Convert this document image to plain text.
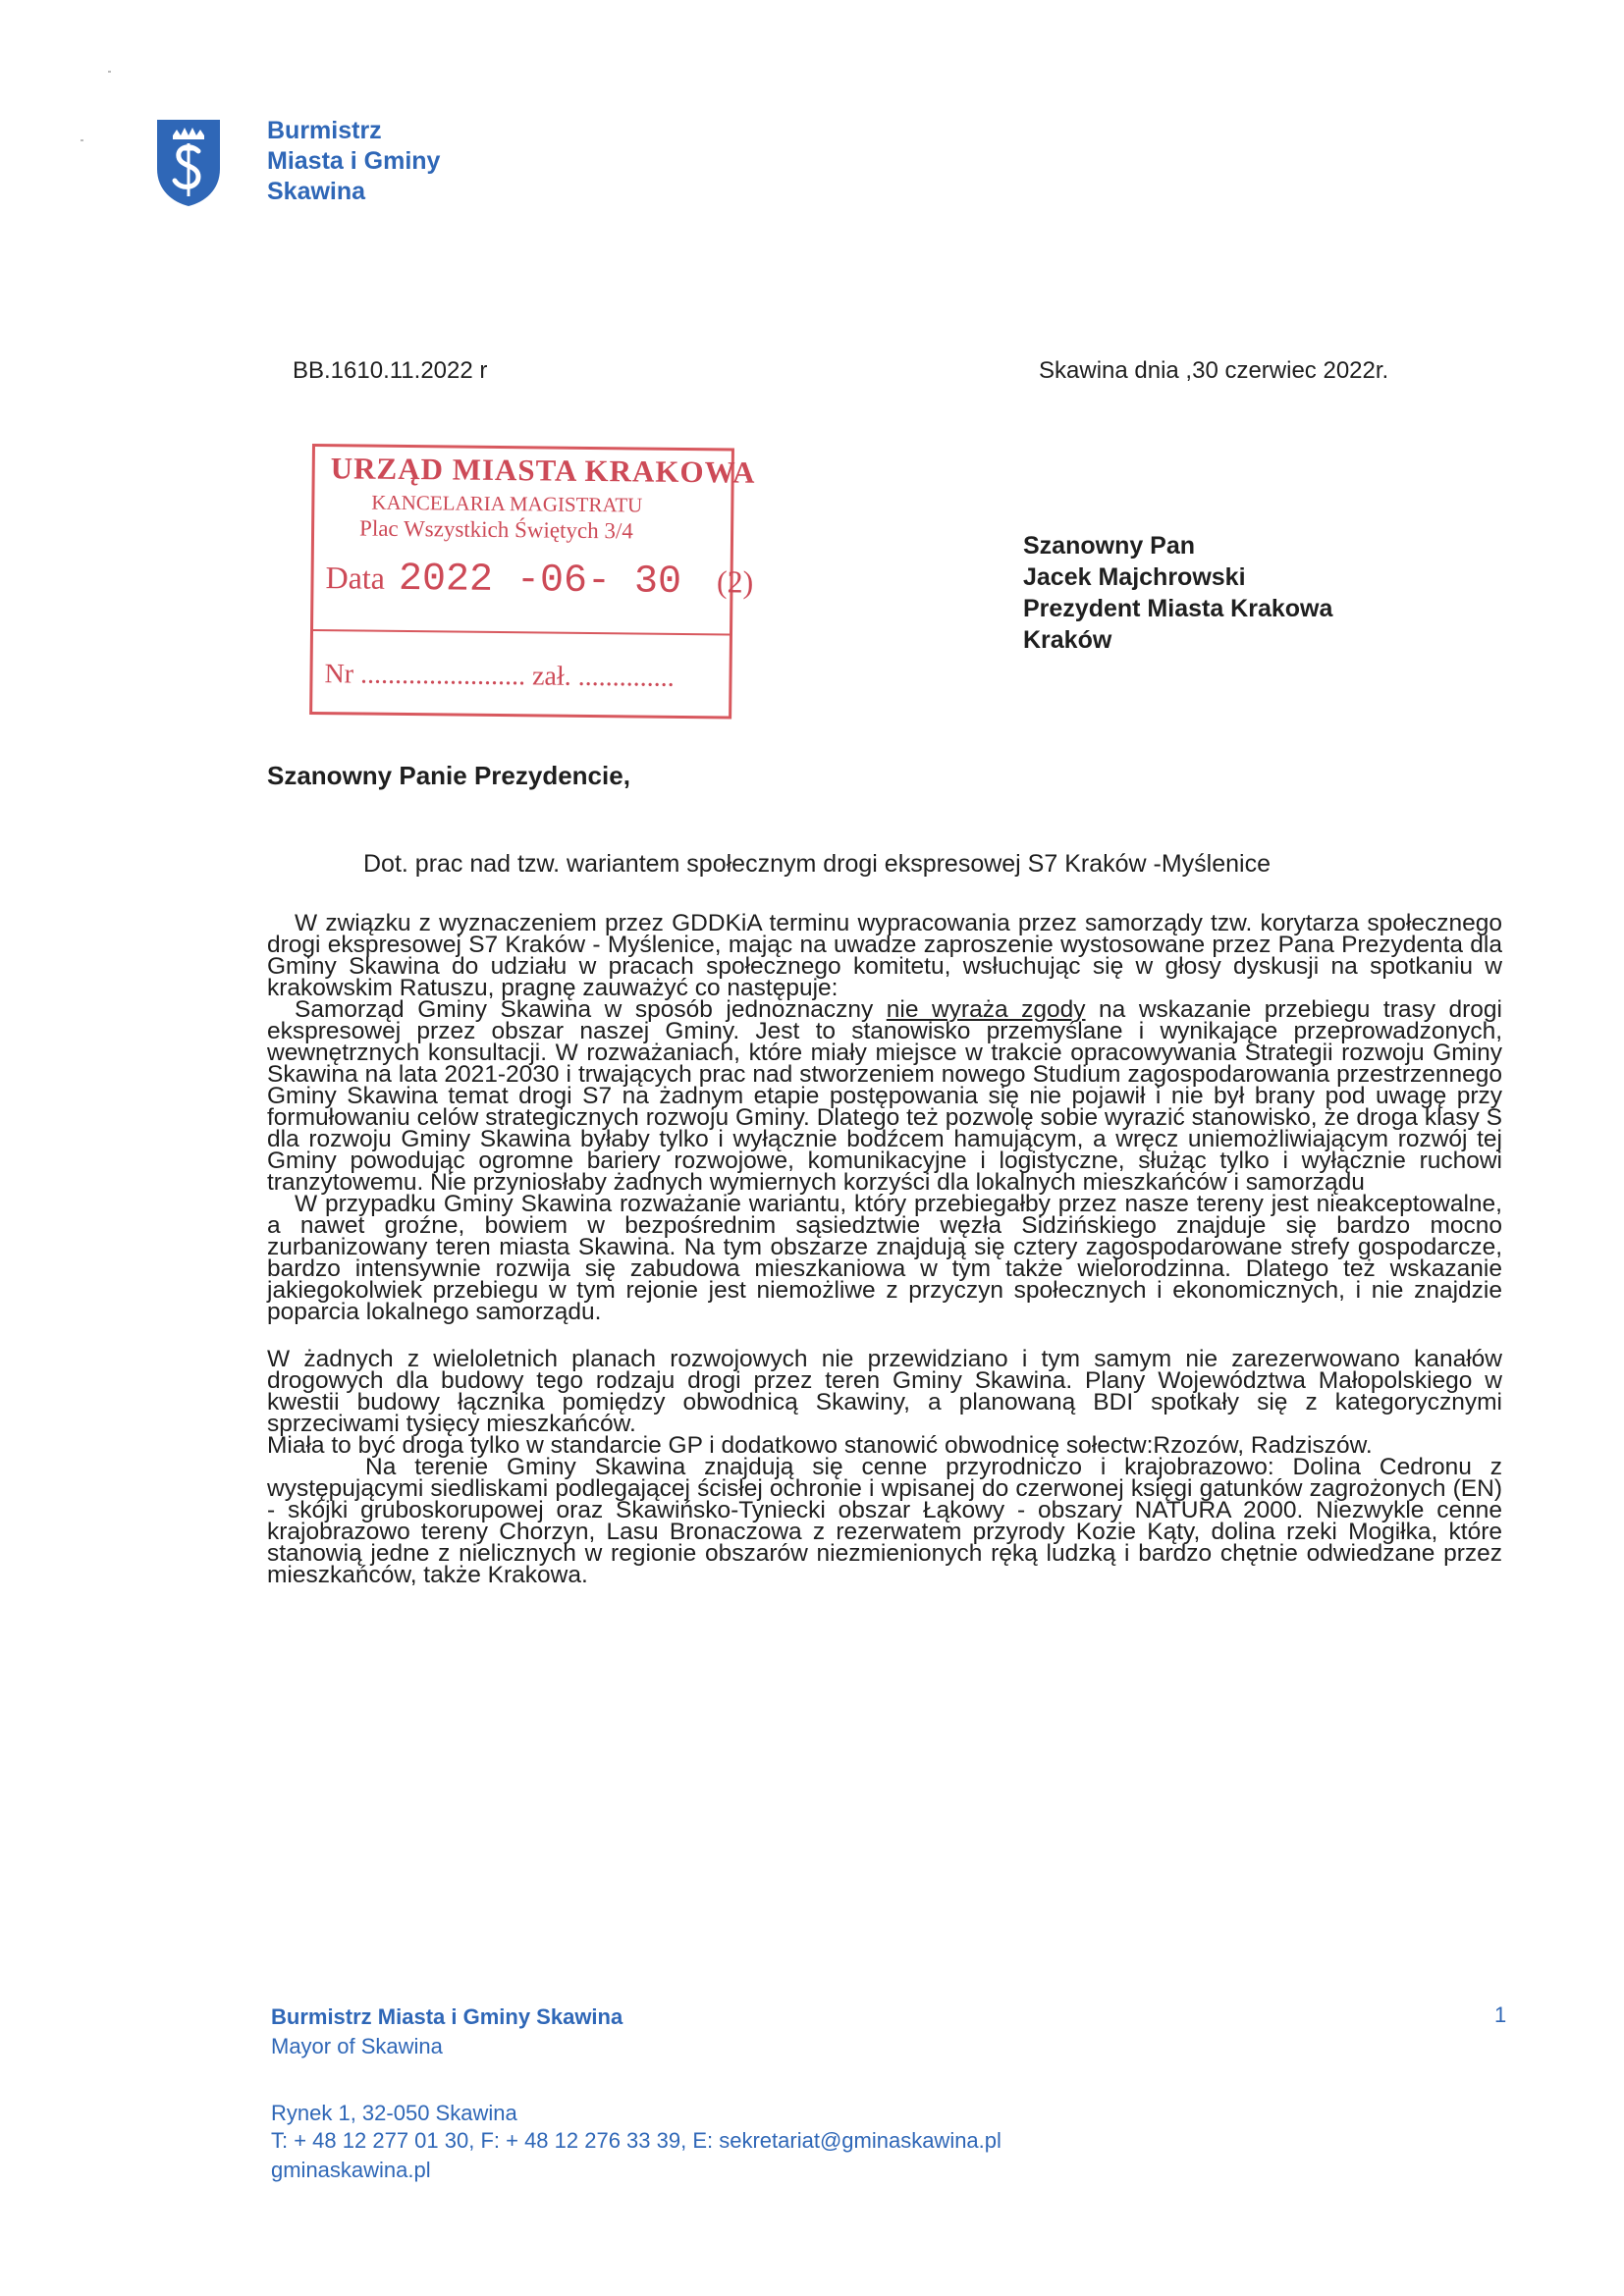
Burmistrz
Miasta i Gminy
Skawina
BB.1610.11.2022 r	Skawina dnia ,30 czerwiec 2022r.
URZĄD MIASTA KRAKOWA
KANCELARIA MAGISTRATU
Plac Wszystkich Świętych 3/4
Data 2022 -06- 30 (2)
Nr ........................ zał. ..............
Szanowny Pan
Jacek Majchrowski
Prezydent Miasta Krakowa
Kraków
Szanowny Panie Prezydencie,
Dot. prac nad tzw. wariantem społecznym drogi ekspresowej S7 Kraków -Myślenice

W związku z wyznaczeniem przez GDDKiA terminu wypracowania przez samorządy tzw. korytarza społecznego drogi ekspresowej S7 Kraków - Myślenice, mając na uwadze zaproszenie wystosowane przez Pana Prezydenta dla Gminy Skawina do udziału w pracach społecznego komitetu, wsłuchując się w głosy dyskusji na spotkaniu w krakowskim Ratuszu, pragnę zauważyć co następuje:

Samorząd Gminy Skawina w sposób jednoznaczny nie wyraża zgody na wskazanie przebiegu trasy drogi ekspresowej przez obszar naszej Gminy. Jest to stanowisko przemyślane i wynikające przeprowadzonych, wewnętrznych konsultacji. W rozważaniach, które miały miejsce w trakcie opracowywania Strategii rozwoju Gminy Skawina na lata 2021-2030 i trwających prac nad stworzeniem nowego Studium zagospodarowania przestrzennego Gminy Skawina temat drogi S7 na żadnym etapie postępowania się nie pojawił i nie był brany pod uwagę przy formułowaniu celów strategicznych rozwoju Gminy. Dlatego też pozwolę sobie wyrazić stanowisko, że droga klasy S dla rozwoju Gminy Skawina byłaby tylko i wyłącznie bodźcem hamującym, a wręcz uniemożliwiającym rozwój tej Gminy powodując ogromne bariery rozwojowe, komunikacyjne i logistyczne, służąc tylko i wyłącznie ruchowi tranzytowemu. Nie przyniosłaby żadnych wymiernych korzyści dla lokalnych mieszkańców i samorządu

W przypadku Gminy Skawina rozważanie wariantu, który przebiegałby przez nasze tereny jest nieakceptowalne, a nawet groźne, bowiem w bezpośrednim sąsiedztwie węzła Sidzińskiego znajduje się bardzo mocno zurbanizowany teren miasta Skawina. Na tym obszarze znajdują się cztery zagospodarowane strefy gospodarcze, bardzo intensywnie rozwija się zabudowa mieszkaniowa w tym także wielorodzinna. Dlatego też wskazanie jakiegokolwiek przebiegu w tym rejonie jest niemożliwe z przyczyn społecznych i ekonomicznych, i nie znajdzie poparcia lokalnego samorządu.

W żadnych z wieloletnich planach rozwojowych nie przewidziano i tym samym nie zarezerwowano kanałów drogowych dla budowy tego rodzaju drogi przez teren Gminy Skawina. Plany Województwa Małopolskiego w kwestii budowy łącznika pomiędzy obwodnicą Skawiny, a planowaną BDI spotkały się z kategorycznymi sprzeciwami tysięcy mieszkańców.

Miała to być droga tylko w standarcie GP i dodatkowo stanowić obwodnicę sołectw:Rzozów, Radziszów.

Na terenie Gminy Skawina znajdują się cenne przyrodniczo i krajobrazowo: Dolina Cedronu z występującymi siedliskami podlegającej ścisłej ochronie i wpisanej do czerwonej księgi gatunków zagrożonych (EN) - skójki gruboskorupowej oraz Skawińsko-Tyniecki obszar Łąkowy - obszary NATURA 2000. Niezwykle cenne krajobrazowo tereny Chorzyn, Lasu Bronaczowa z rezerwatem przyrody Kozie Kąty, dolina rzeki Mogiłka, które stanowią jedne z nielicznych w regionie obszarów niezmienionych ręką ludzką i bardzo chętnie odwiedzane przez mieszkańców, także Krakowa.

Burmistrz Miasta i Gminy Skawina
Mayor of Skawina
1
Rynek 1, 32-050 Skawina
T: + 48 12 277 01 30, F: + 48 12 276 33 39, E: sekretariat@gminaskawina.pl
gminaskawina.pl
